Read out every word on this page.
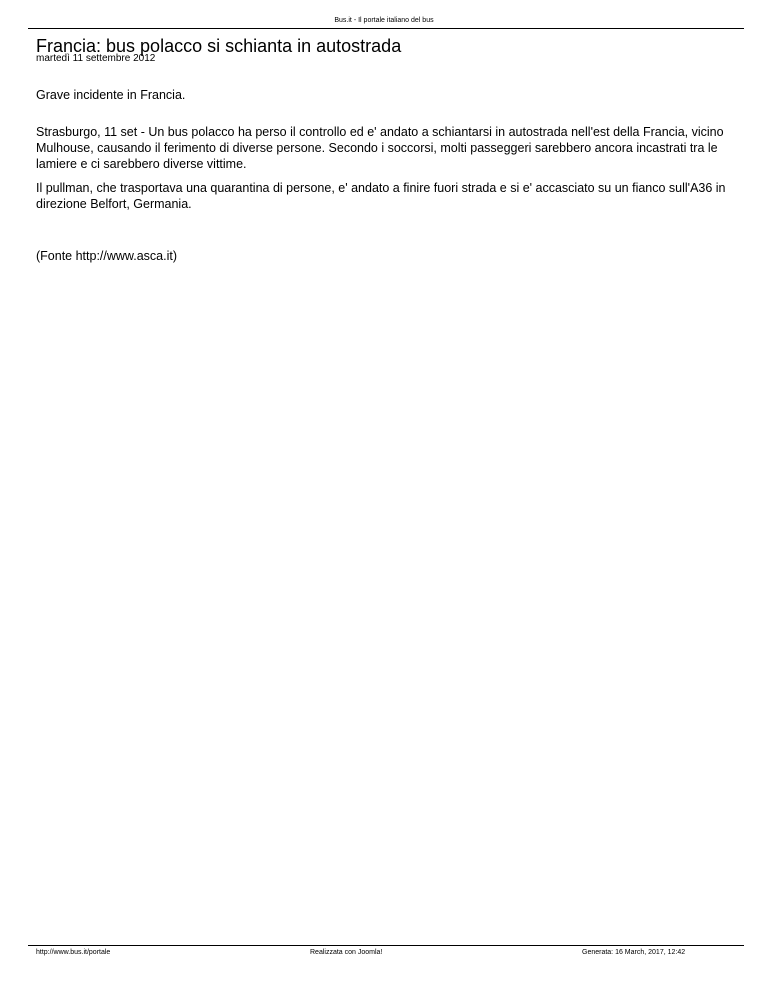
Bus.it - Il portale italiano del bus
Francia: bus polacco si schianta in autostrada
martedì 11 settembre 2012

Grave incidente in Francia.

Strasburgo, 11 set - Un bus polacco ha perso il controllo ed e' andato a schiantarsi in autostrada nell'est della Francia, vicino Mulhouse, causando il ferimento di diverse persone. Secondo i soccorsi, molti passeggeri sarebbero ancora incastrati tra le lamiere e ci sarebbero diverse vittime.

Il pullman, che trasportava una quarantina di persone, e' andato a finire fuori strada e si e' accasciato su un fianco sull'A36 in direzione Belfort, Germania.

(Fonte http://www.asca.it)

http://www.bus.it/portale	Realizzata con Joomla!	Generata: 16 March, 2017, 12:42
